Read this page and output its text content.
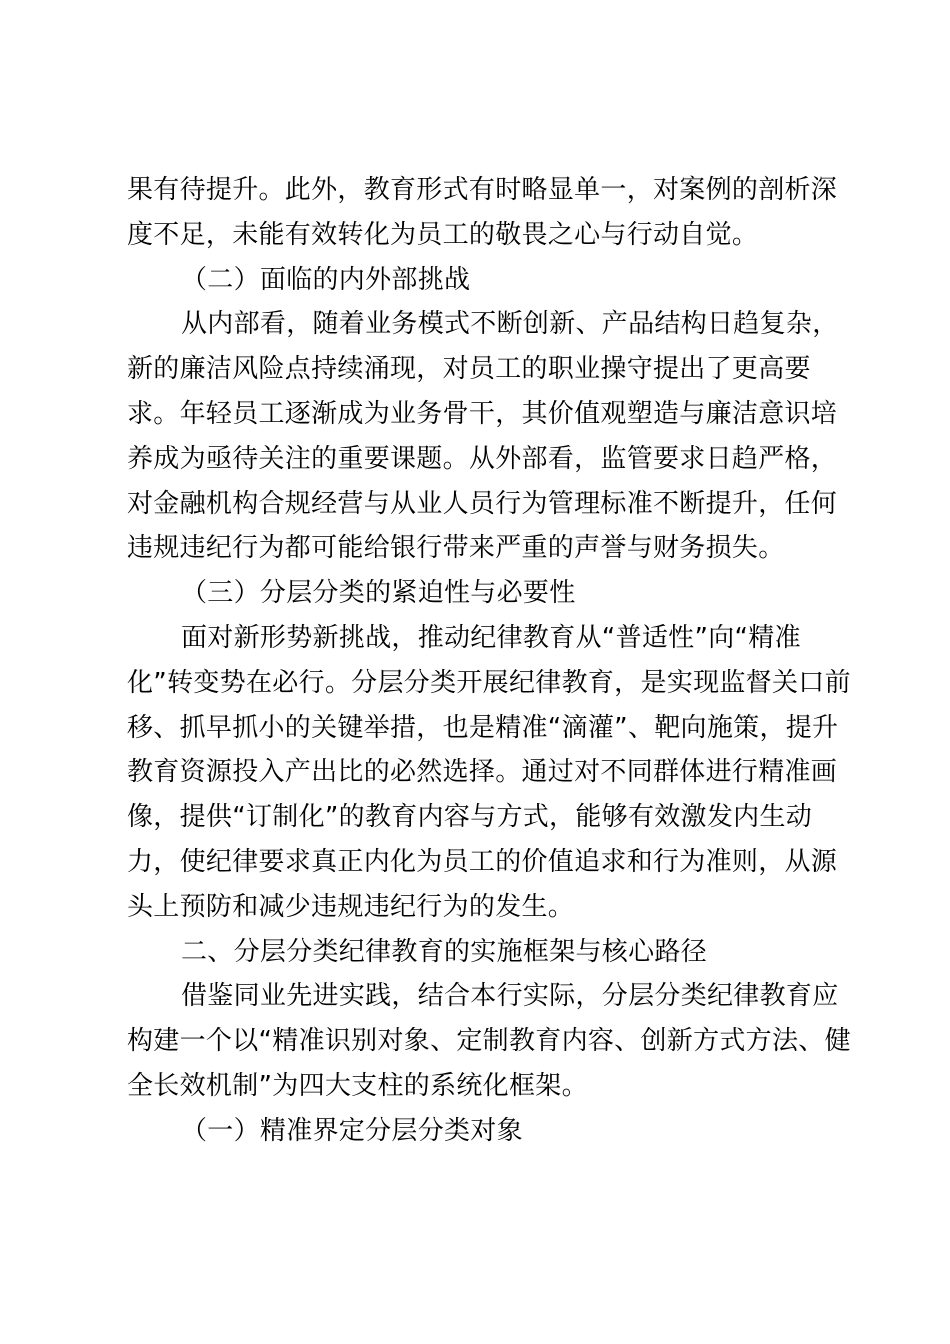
果有待提升。此外，教育形式有时略显单一，对案例的剖析深
度不足，未能有效转化为员工的敬畏之心与行动自觉。
（二）面临的内外部挑战
从内部看，随着业务模式不断创新、产品结构日趋复杂，
新的廉洁风险点持续涌现，对员工的职业操守提出了更高要
求。年轻员工逐渐成为业务骨干，其价值观塑造与廉洁意识培
养成为亟待关注的重要课题。从外部看，监管要求日趋严格，
对金融机构合规经营与从业人员行为管理标准不断提升，任何
违规违纪行为都可能给银行带来严重的声誉与财务损失。
（三）分层分类的紧迫性与必要性
面对新形势新挑战，推动纪律教育从“普适性”向“精准
化”转变势在必行。分层分类开展纪律教育，是实现监督关口前
移、抓早抓小的关键举措，也是精准“滴灌”、靶向施策，提升
教育资源投入产出比的必然选择。通过对不同群体进行精准画
像，提供“订制化”的教育内容与方式，能够有效激发内生动
力，使纪律要求真正内化为员工的价值追求和行为准则，从源
头上预防和减少违规违纪行为的发生。
二、分层分类纪律教育的实施框架与核心路径
借鉴同业先进实践，结合本行实际，分层分类纪律教育应
构建一个以“精准识别对象、定制教育内容、创新方式方法、健
全长效机制”为四大支柱的系统化框架。
（一）精准界定分层分类对象
